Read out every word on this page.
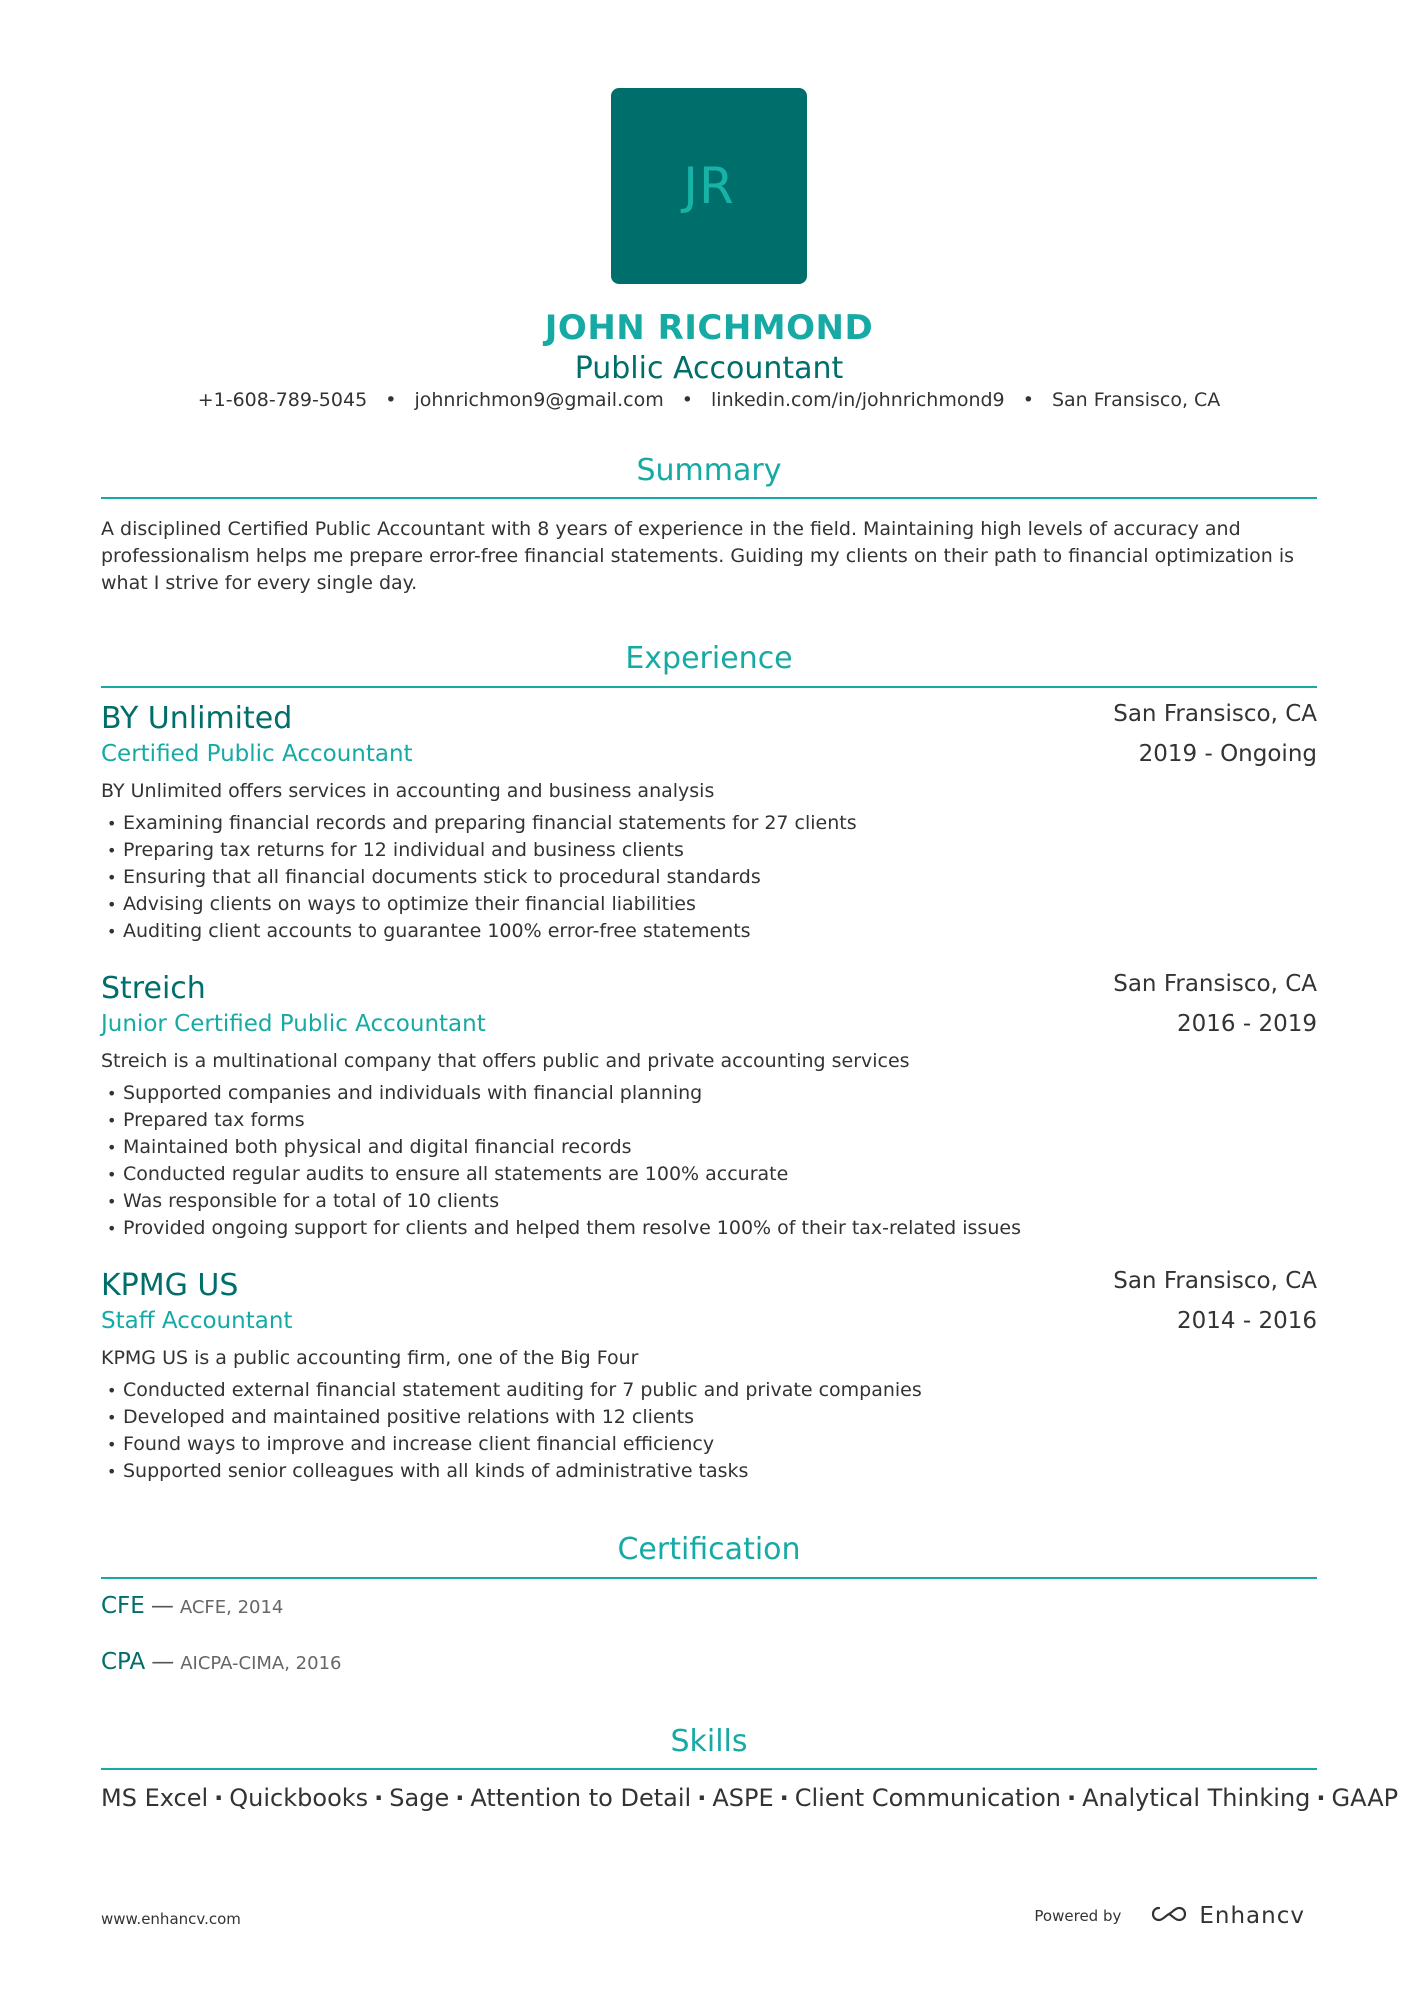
JR
JOHN RICHMOND
Public Accountant
+1-608-789-5045 • johnrichmon9@gmail.com • linkedin.com/in/johnrichmond9 • San Fransisco, CA
Summary
A disciplined Certified Public Accountant with 8 years of experience in the field. Maintaining high levels of accuracy and professionalism helps me prepare error-free financial statements. Guiding my clients on their path to financial optimization is what I strive for every single day.
Experience
BY Unlimited
Certified Public Accountant
San Fransisco, CA
2019 - Ongoing
BY Unlimited offers services in accounting and business analysis
• Examining financial records and preparing financial statements for 27 clients
• Preparing tax returns for 12 individual and business clients
• Ensuring that all financial documents stick to procedural standards
• Advising clients on ways to optimize their financial liabilities
• Auditing client accounts to guarantee 100% error-free statements
Streich
Junior Certified Public Accountant
San Fransisco, CA
2016 - 2019
Streich is a multinational company that offers public and private accounting services
• Supported companies and individuals with financial planning
• Prepared tax forms
• Maintained both physical and digital financial records
• Conducted regular audits to ensure all statements are 100% accurate
• Was responsible for a total of 10 clients
• Provided ongoing support for clients and helped them resolve 100% of their tax-related issues
KPMG US
Staff Accountant
San Fransisco, CA
2014 - 2016
KPMG US is a public accounting firm, one of the Big Four
• Conducted external financial statement auditing for 7 public and private companies
• Developed and maintained positive relations with 12 clients
• Found ways to improve and increase client financial efficiency
• Supported senior colleagues with all kinds of administrative tasks
Certification
CFE — ACFE, 2014
CPA — AICPA-CIMA, 2016
Skills
MS Excel · Quickbooks · Sage · Attention to Detail · ASPE · Client Communication · Analytical Thinking · GAAP
www.enhancv.com	Powered by	Enhancv
